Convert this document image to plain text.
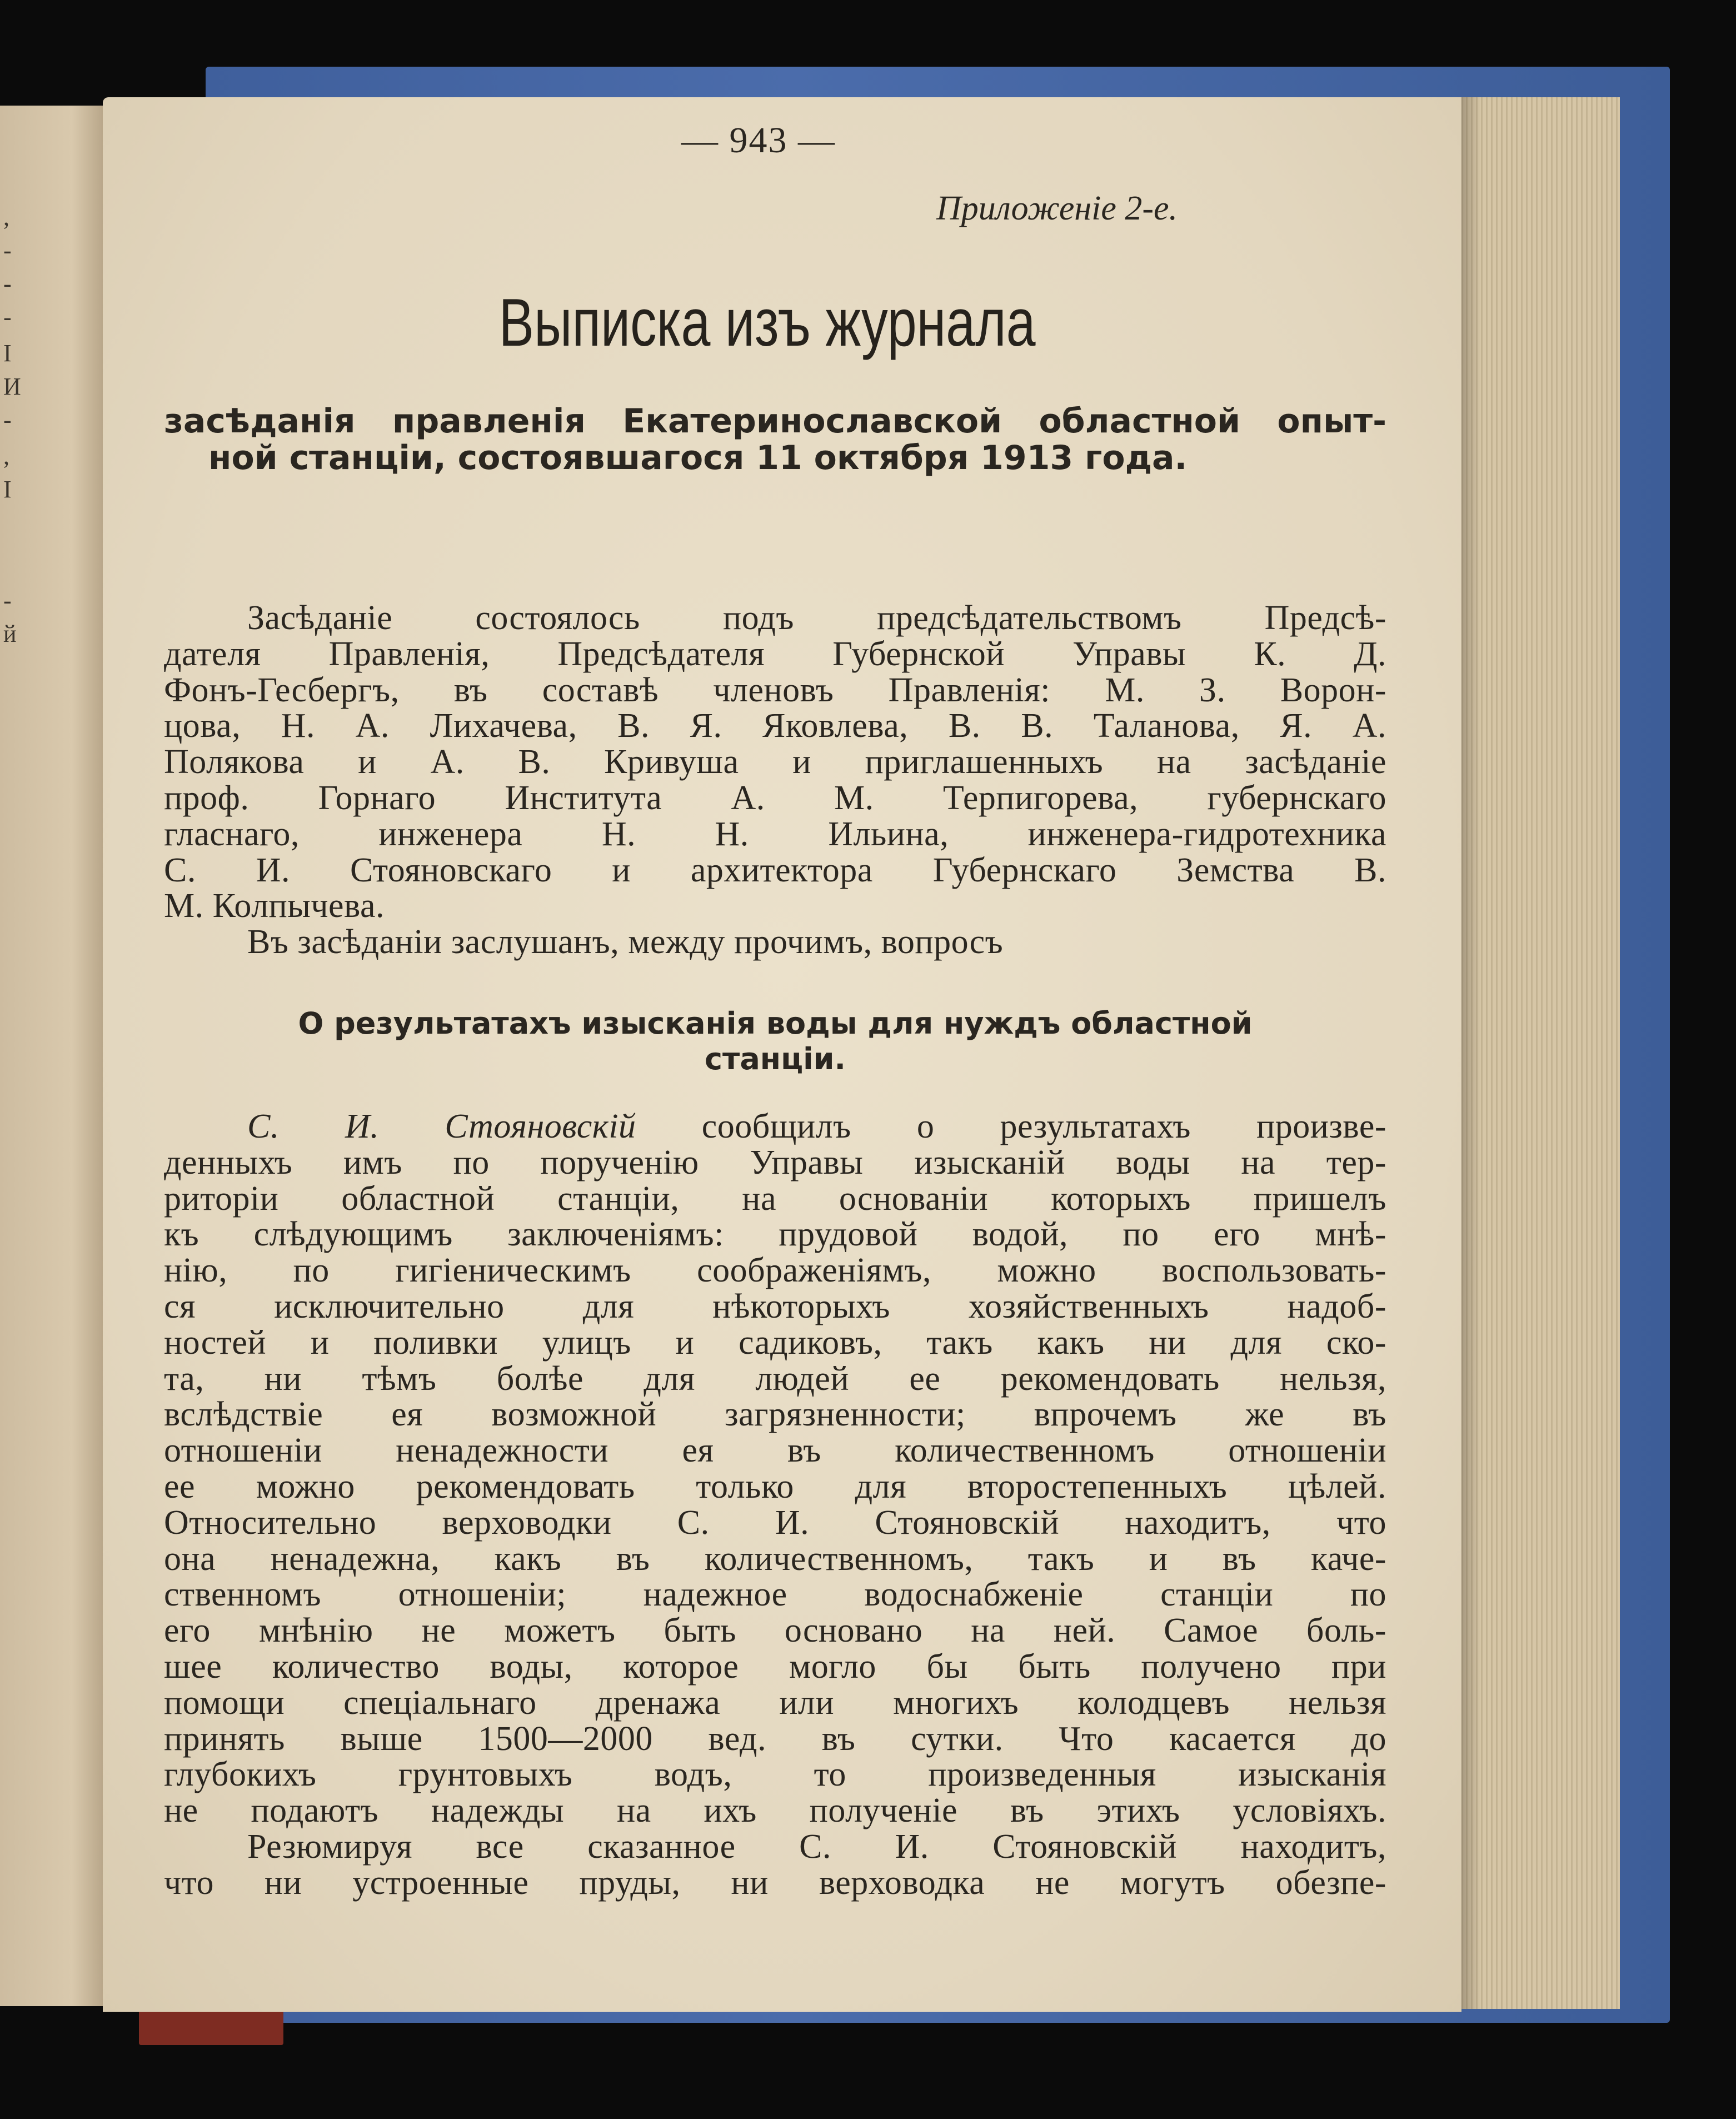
,
-
-
-
I
И
-
,
I
-
й
— 943 —
Приложеніе 2-е.
Выписка изъ журнала
засѣданія правленія Екатеринославской областной опыт-
ной станціи, состоявшагося 11 октября 1913 года.
Засѣданіе состоялось подъ предсѣдательствомъ Предсѣ-
дателя Правленія, Предсѣдателя Губернской Управы К. Д.
Фонъ-Гесбергъ, въ составѣ членовъ Правленія: М. З. Ворон-
цова, Н. А. Лихачева, В. Я. Яковлева, В. В. Таланова, Я. А.
Полякова и А. В. Кривуша и приглашенныхъ на засѣданіе
проф. Горнаго Института А. М. Терпигорева, губернскаго
гласнаго, инженера Н. Н. Ильина, инженера-гидротехника
С. И. Стояновскаго и архитектора Губернскаго Земства В.
М. Колпычева.
Въ засѣданіи заслушанъ, между прочимъ, вопросъ
О результатахъ изысканія воды для нуждъ областной
станціи.
С. И. Стояновскій сообщилъ о результатахъ произве-
денныхъ имъ по порученію Управы изысканій воды на тер-
риторіи областной станціи, на основаніи которыхъ пришелъ
къ слѣдующимъ заключеніямъ: прудовой водой, по его мнѣ-
нію, по гигіеническимъ соображеніямъ, можно воспользовать-
ся исключительно для нѣкоторыхъ хозяйственныхъ надоб-
ностей и поливки улицъ и садиковъ, такъ какъ ни для ско-
та, ни тѣмъ болѣе для людей ее рекомендовать нельзя,
вслѣдствіе ея возможной загрязненности; впрочемъ же въ
отношеніи ненадежности ея въ количественномъ отношеніи
ее можно рекомендовать только для второстепенныхъ цѣлей.
Относительно верховодки С. И. Стояновскій находитъ, что
она ненадежна, какъ въ количественномъ, такъ и въ каче-
ственномъ отношеніи; надежное водоснабженіе станціи по
его мнѣнію не можетъ быть основано на ней. Самое боль-
шее количество воды, которое могло бы быть получено при
помощи спеціальнаго дренажа или многихъ колодцевъ нельзя
принять выше 1500—2000 вед. въ сутки. Что касается до
глубокихъ грунтовыхъ водъ, то произведенныя изысканія
не подаютъ надежды на ихъ полученіе въ этихъ условіяхъ.
Резюмируя все сказанное С. И. Стояновскій находитъ,
что ни устроенные пруды, ни верховодка не могутъ обезпе-
